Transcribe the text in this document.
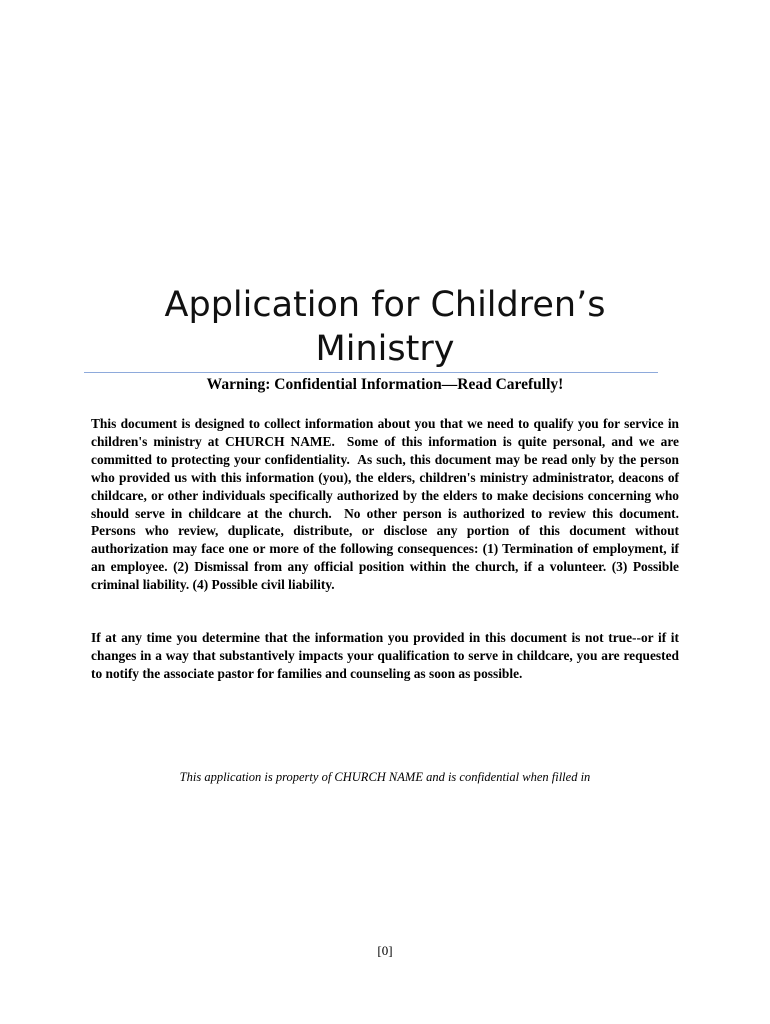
Application for Children’s
Ministry
Warning: Confidential Information—Read Carefully!
This document is designed to collect information about you that we need to qualify you for service in children's ministry at CHURCH NAME.  Some of this information is quite personal, and we are committed to protecting your confidentiality.  As such, this document may be read only by the person who provided us with this information (you), the elders, children's ministry administrator, deacons of childcare, or other individuals specifically authorized by the elders to make decisions concerning who should serve in childcare at the church.  No other person is authorized to review this document.  Persons who review, duplicate, distribute, or disclose any portion of this document without authorization may face one or more of the following consequences: (1) Termination of employment, if an employee. (2) Dismissal from any official position within the church, if a volunteer. (3) Possible criminal liability. (4) Possible civil liability.
If at any time you determine that the information you provided in this document is not true--or if it changes in a way that substantively impacts your qualification to serve in childcare, you are requested to notify the associate pastor for families and counseling as soon as possible.
This application is property of CHURCH NAME and is confidential when filled in
[0]
